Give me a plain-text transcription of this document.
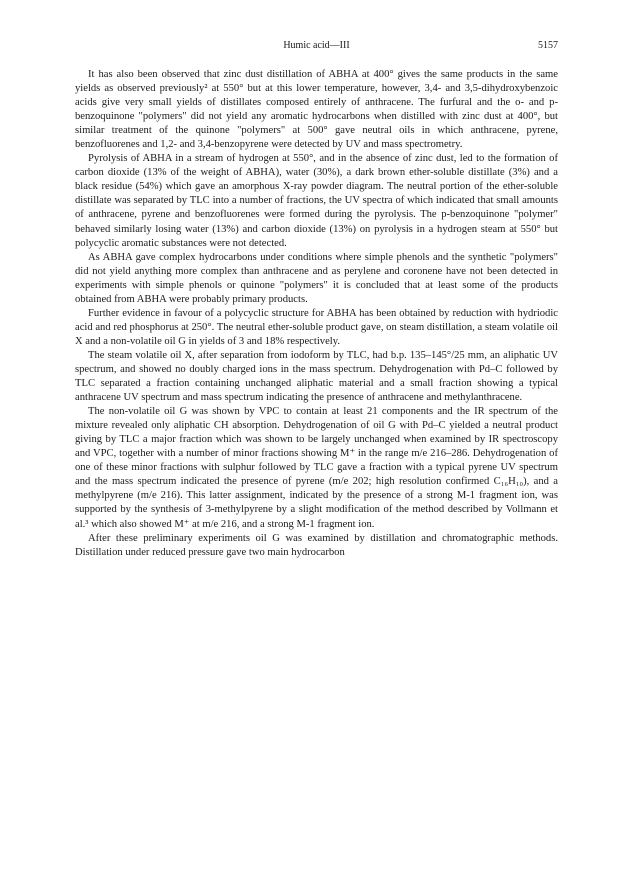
Humic acid—III	5157

It has also been observed that zinc dust distillation of ABHA at 400° gives the same products in the same yields as observed previously² at 550° but at this lower temperature, however, 3,4- and 3,5-dihydroxybenzoic acids give very small yields of distillates composed entirely of anthracene. The furfural and the o- and p-benzoquinone "polymers" did not yield any aromatic hydrocarbons when distilled with zinc dust at 400°, but similar treatment of the quinone "polymers" at 500° gave neutral oils in which anthracene, pyrene, benzofluorenes and 1,2- and 3,4-benzopyrene were detected by UV and mass spectrometry.

Pyrolysis of ABHA in a stream of hydrogen at 550°, and in the absence of zinc dust, led to the formation of carbon dioxide (13% of the weight of ABHA), water (30%), a dark brown ether-soluble distillate (3%) and a black residue (54%) which gave an amorphous X-ray powder diagram. The neutral portion of the ether-soluble distillate was separated by TLC into a number of fractions, the UV spectra of which indicated that small amounts of anthracene, pyrene and benzofluorenes were formed during the pyrolysis. The p-benzoquinone "polymer" behaved similarly losing water (13%) and carbon dioxide (13%) on pyrolysis in a hydrogen steam at 550° but polycyclic aromatic substances were not detected.

As ABHA gave complex hydrocarbons under conditions where simple phenols and the synthetic "polymers" did not yield anything more complex than anthracene and as perylene and coronene have not been detected in experiments with simple phenols or quinone "polymers" it is concluded that at least some of the products obtained from ABHA were probably primary products.

Further evidence in favour of a polycyclic structure for ABHA has been obtained by reduction with hydriodic acid and red phosphorus at 250°. The neutral ether-soluble product gave, on steam distillation, a steam volatile oil X and a non-volatile oil G in yields of 3 and 18% respectively.

The steam volatile oil X, after separation from iodoform by TLC, had b.p. 135–145°/25 mm, an aliphatic UV spectrum, and showed no doubly charged ions in the mass spectrum. Dehydrogenation with Pd–C followed by TLC separated a fraction containing unchanged aliphatic material and a small fraction showing a typical anthracene UV spectrum and mass spectrum indicating the presence of anthracene and methylanthracene.

The non-volatile oil G was shown by VPC to contain at least 21 components and the IR spectrum of the mixture revealed only aliphatic CH absorption. Dehydrogenation of oil G with Pd–C yielded a neutral product giving by TLC a major fraction which was shown to be largely unchanged when examined by IR spectroscopy and VPC, together with a number of minor fractions showing M⁺ in the range m/e 216–286. Dehydrogenation of one of these minor fractions with sulphur followed by TLC gave a fraction with a typical pyrene UV spectrum and the mass spectrum indicated the presence of pyrene (m/e 202; high resolution confirmed C₁₆H₁₀), and a methylpyrene (m/e 216). This latter assignment, indicated by the presence of a strong M-1 fragment ion, was supported by the synthesis of 3-methylpyrene by a slight modification of the method described by Vollmann et al.³ which also showed M⁺ at m/e 216, and a strong M-1 fragment ion.

After these preliminary experiments oil G was examined by distillation and chromatographic methods. Distillation under reduced pressure gave two main hydrocarbon
